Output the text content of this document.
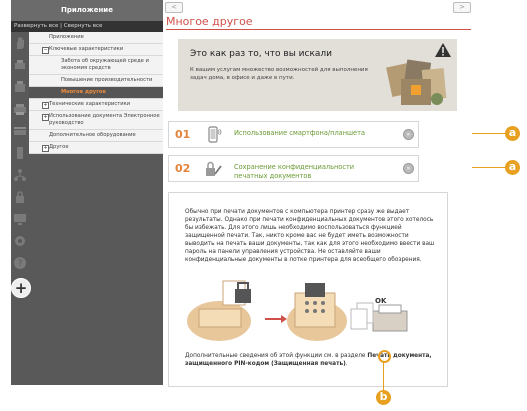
Приложение
Развернуть все | Свернуть все
?
Приложение
− Ключевые характеристики
Забота об окружающей среде и экономия средств
Повышение производительности
Многое другое
+ Технические характеристики
+ Использование документа Электронное руководство
Дополнительное оборудование
+ Другое
+
<	>
Многое другое
Это как раз то, что вы искали
К вашим услугам множество возможностей для выполнения задач дома, в офисе и даже в пути.
01	Использование смартфона/планшета	»
02	Сохранение конфиденциальности печатных документов
»
Обычно при печати документов с компьютера принтер сразу же выдает результаты. Однако при печати конфиденциальных документов этого хотелось бы избежать. Для этого лишь необходимо воспользоваться функцией защищенной печати. Так, никто кроме вас не будет иметь возможности выводить на печать ваши документы, так как для этого необходимо ввести ваш пароль на панели управления устройства. Не оставляйте ваши конфиденциальные документы в лотке принтера для всеобщего обозрения.
OK
Дополнительные сведения об этой функции см. в разделе Печать документа, защищенного PIN-кодом (Защищенная печать).
a
a
b
